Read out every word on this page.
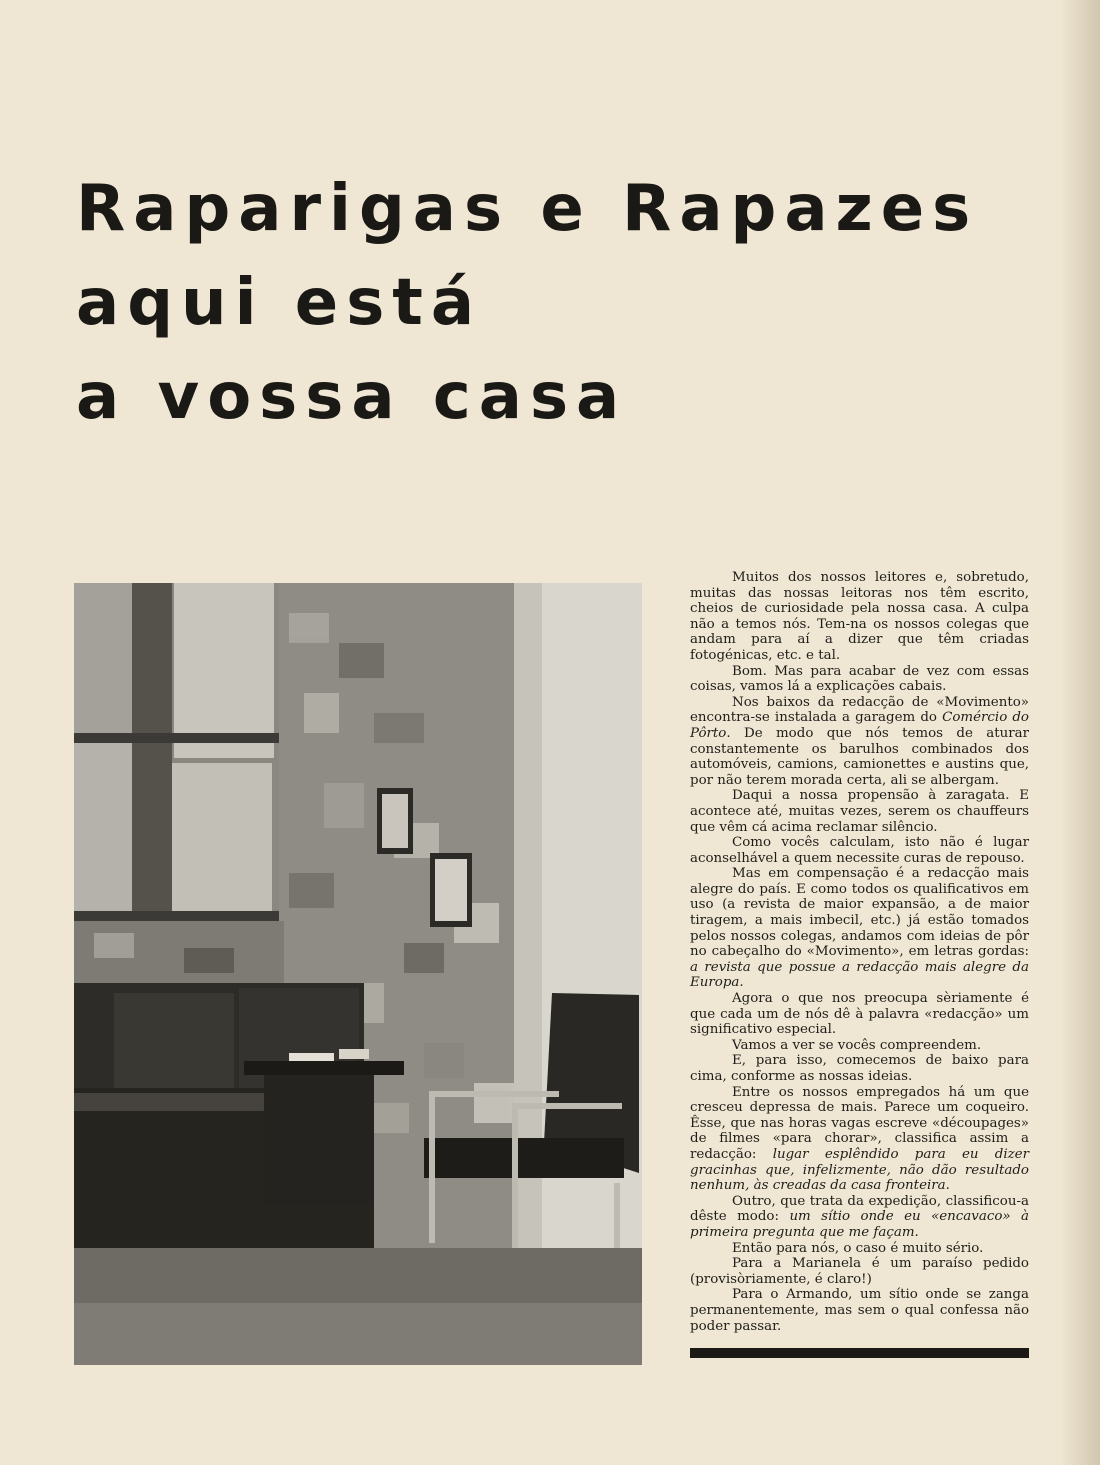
Raparigas e Rapazes
aqui está
a vossa casa

Muitos dos nossos leitores e, sobretudo, muitas das nossas leitoras nos têm escrito, cheios de curiosidade pela nossa casa. A culpa não a temos nós. Tem-na os nossos colegas que andam para aí a dizer que têm criadas fotogénicas, etc. e tal.

Bom. Mas para acabar de vez com essas coisas, vamos lá a explicações cabais.

Nos baixos da redacção de «Movimento» encontra-se instalada a garagem do Comércio do Pôrto. De modo que nós temos de aturar constantemente os barulhos combinados dos automóveis, camions, camionettes e austins que, por não terem morada certa, ali se albergam.

Daqui a nossa propensão à zaragata. E acontece até, muitas vezes, serem os chauffeurs que vêm cá acima reclamar silêncio.

Como vocês calculam, isto não é lugar aconselhável a quem necessite curas de repouso.

Mas em compensação é a redacção mais alegre do país. E como todos os qualificativos em uso (a revista de maior expansão, a de maior tiragem, a mais imbecil, etc.) já estão tomados pelos nossos colegas, andamos com ideias de pôr no cabeçalho do «Movimento», em letras gordas: a revista que possue a redacção mais alegre da Europa.

Agora o que nos preocupa sèriamente é que cada um de nós dê à palavra «redacção» um significativo especial.

Vamos a ver se vocês compreendem.

E, para isso, comecemos de baixo para cima, conforme as nossas ideias.

Entre os nossos empregados há um que cresceu depressa de mais. Parece um coqueiro. Êsse, que nas horas vagas escreve «découpages» de filmes «para chorar», classifica assim a redacção: lugar esplêndido para eu dizer gracinhas que, infelizmente, não dão resultado nenhum, às creadas da casa fronteira.

Outro, que trata da expedição, classificou-a dêste modo: um sítio onde eu «encavaco» à primeira pregunta que me façam.

Então para nós, o caso é muito sério.

Para a Marianela é um paraíso pedido (provisòriamente, é claro!)

Para o Armando, um sítio onde se zanga permanentemente, mas sem o qual confessa não poder passar.
